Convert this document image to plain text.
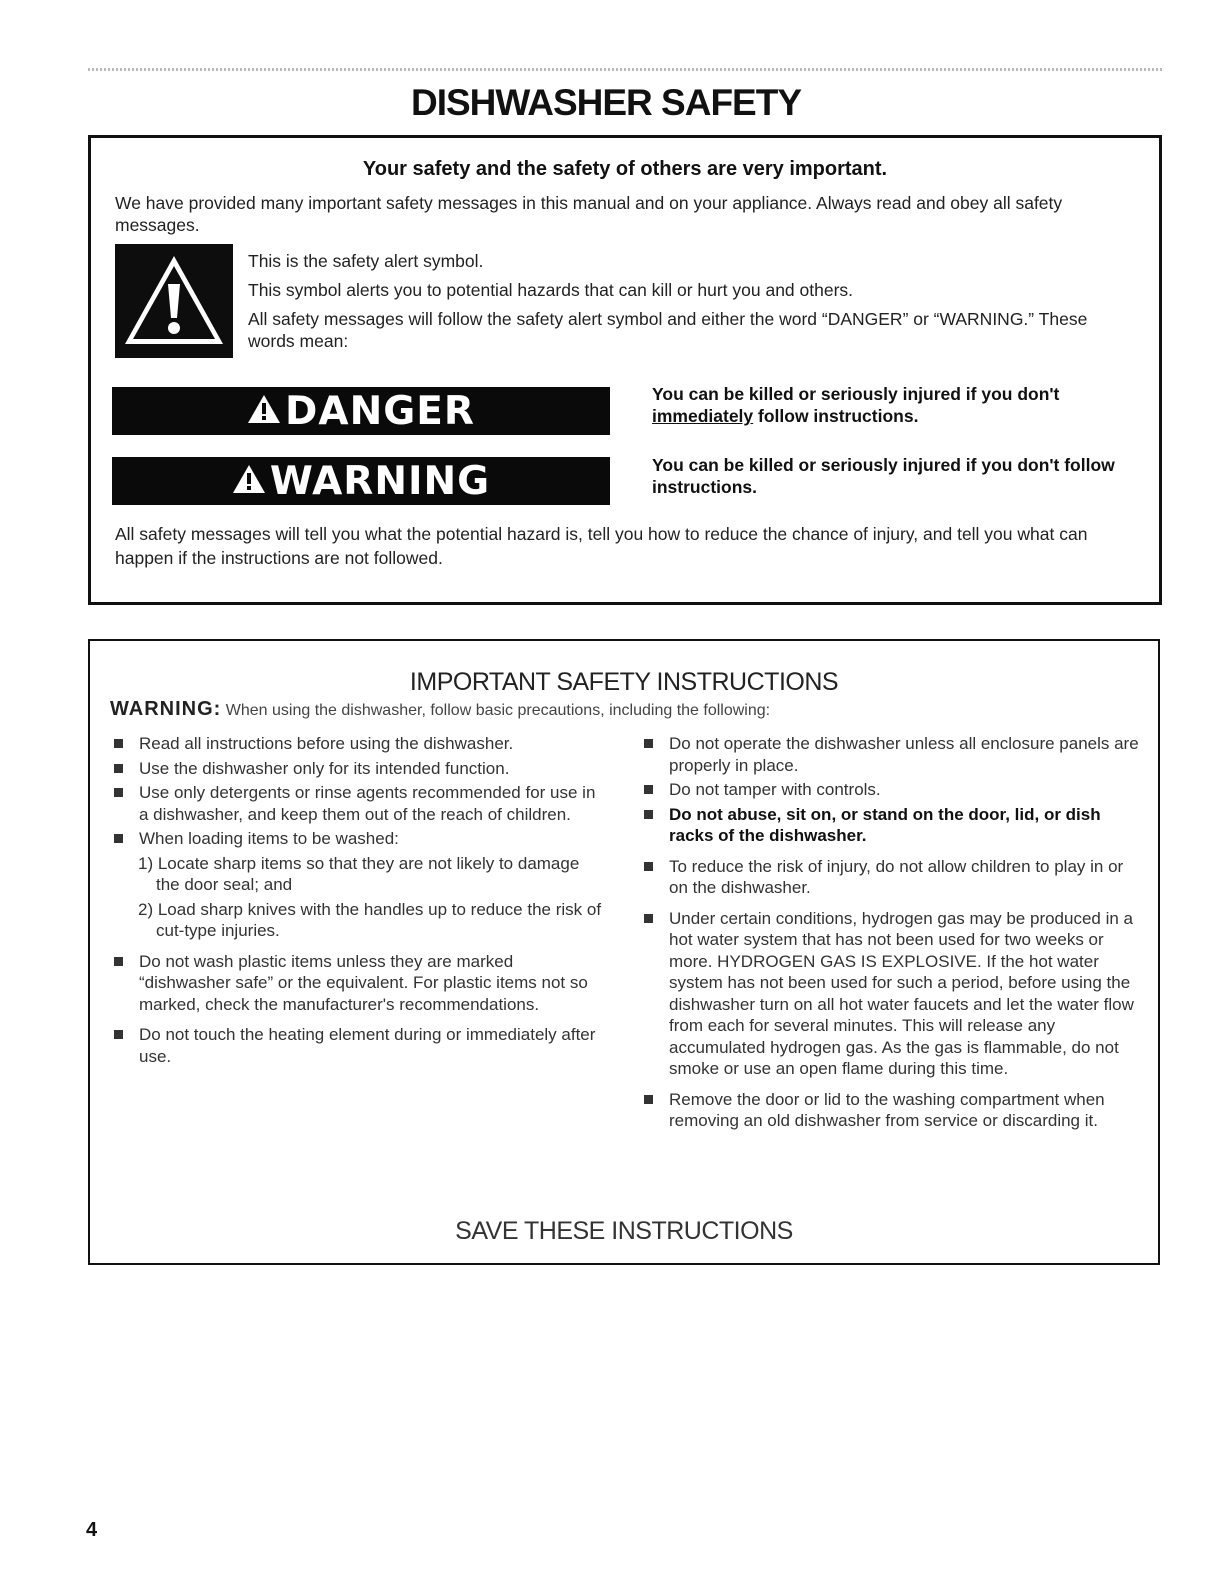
DISHWASHER SAFETY
Your safety and the safety of others are very important.
We have provided many important safety messages in this manual and on your appliance. Always read and obey all safety messages.

This is the safety alert symbol.

This symbol alerts you to potential hazards that can kill or hurt you and others.

All safety messages will follow the safety alert symbol and either the word “DANGER” or “WARNING.” These words mean:

DANGER	You can be killed or seriously injured if you don't immediately follow instructions.
WARNING	You can be killed or seriously injured if you don't follow instructions.
All safety messages will tell you what the potential hazard is, tell you how to reduce the chance of injury, and tell you what can happen if the instructions are not followed.
IMPORTANT SAFETY INSTRUCTIONS
WARNING: When using the dishwasher, follow basic precautions, including the following:
Read all instructions before using the dishwasher.
Use the dishwasher only for its intended function.
Use only detergents or rinse agents recommended for use in a dishwasher, and keep them out of the reach of children.
When loading items to be washed:
1) Locate sharp items so that they are not likely to damage the door seal; and
2) Load sharp knives with the handles up to reduce the risk of cut-type injuries.
Do not wash plastic items unless they are marked “dishwasher safe” or the equivalent. For plastic items not so marked, check the manufacturer's recommendations.
Do not touch the heating element during or immediately after use.
Do not operate the dishwasher unless all enclosure panels are properly in place.
Do not tamper with controls.
Do not abuse, sit on, or stand on the door, lid, or dish racks of the dishwasher.
To reduce the risk of injury, do not allow children to play in or on the dishwasher.
Under certain conditions, hydrogen gas may be produced in a hot water system that has not been used for two weeks or more. HYDROGEN GAS IS EXPLOSIVE. If the hot water system has not been used for such a period, before using the dishwasher turn on all hot water faucets and let the water flow from each for several minutes. This will release any accumulated hydrogen gas. As the gas is flammable, do not smoke or use an open flame during this time.
Remove the door or lid to the washing compartment when removing an old dishwasher from service or discarding it.
SAVE THESE INSTRUCTIONS
4
